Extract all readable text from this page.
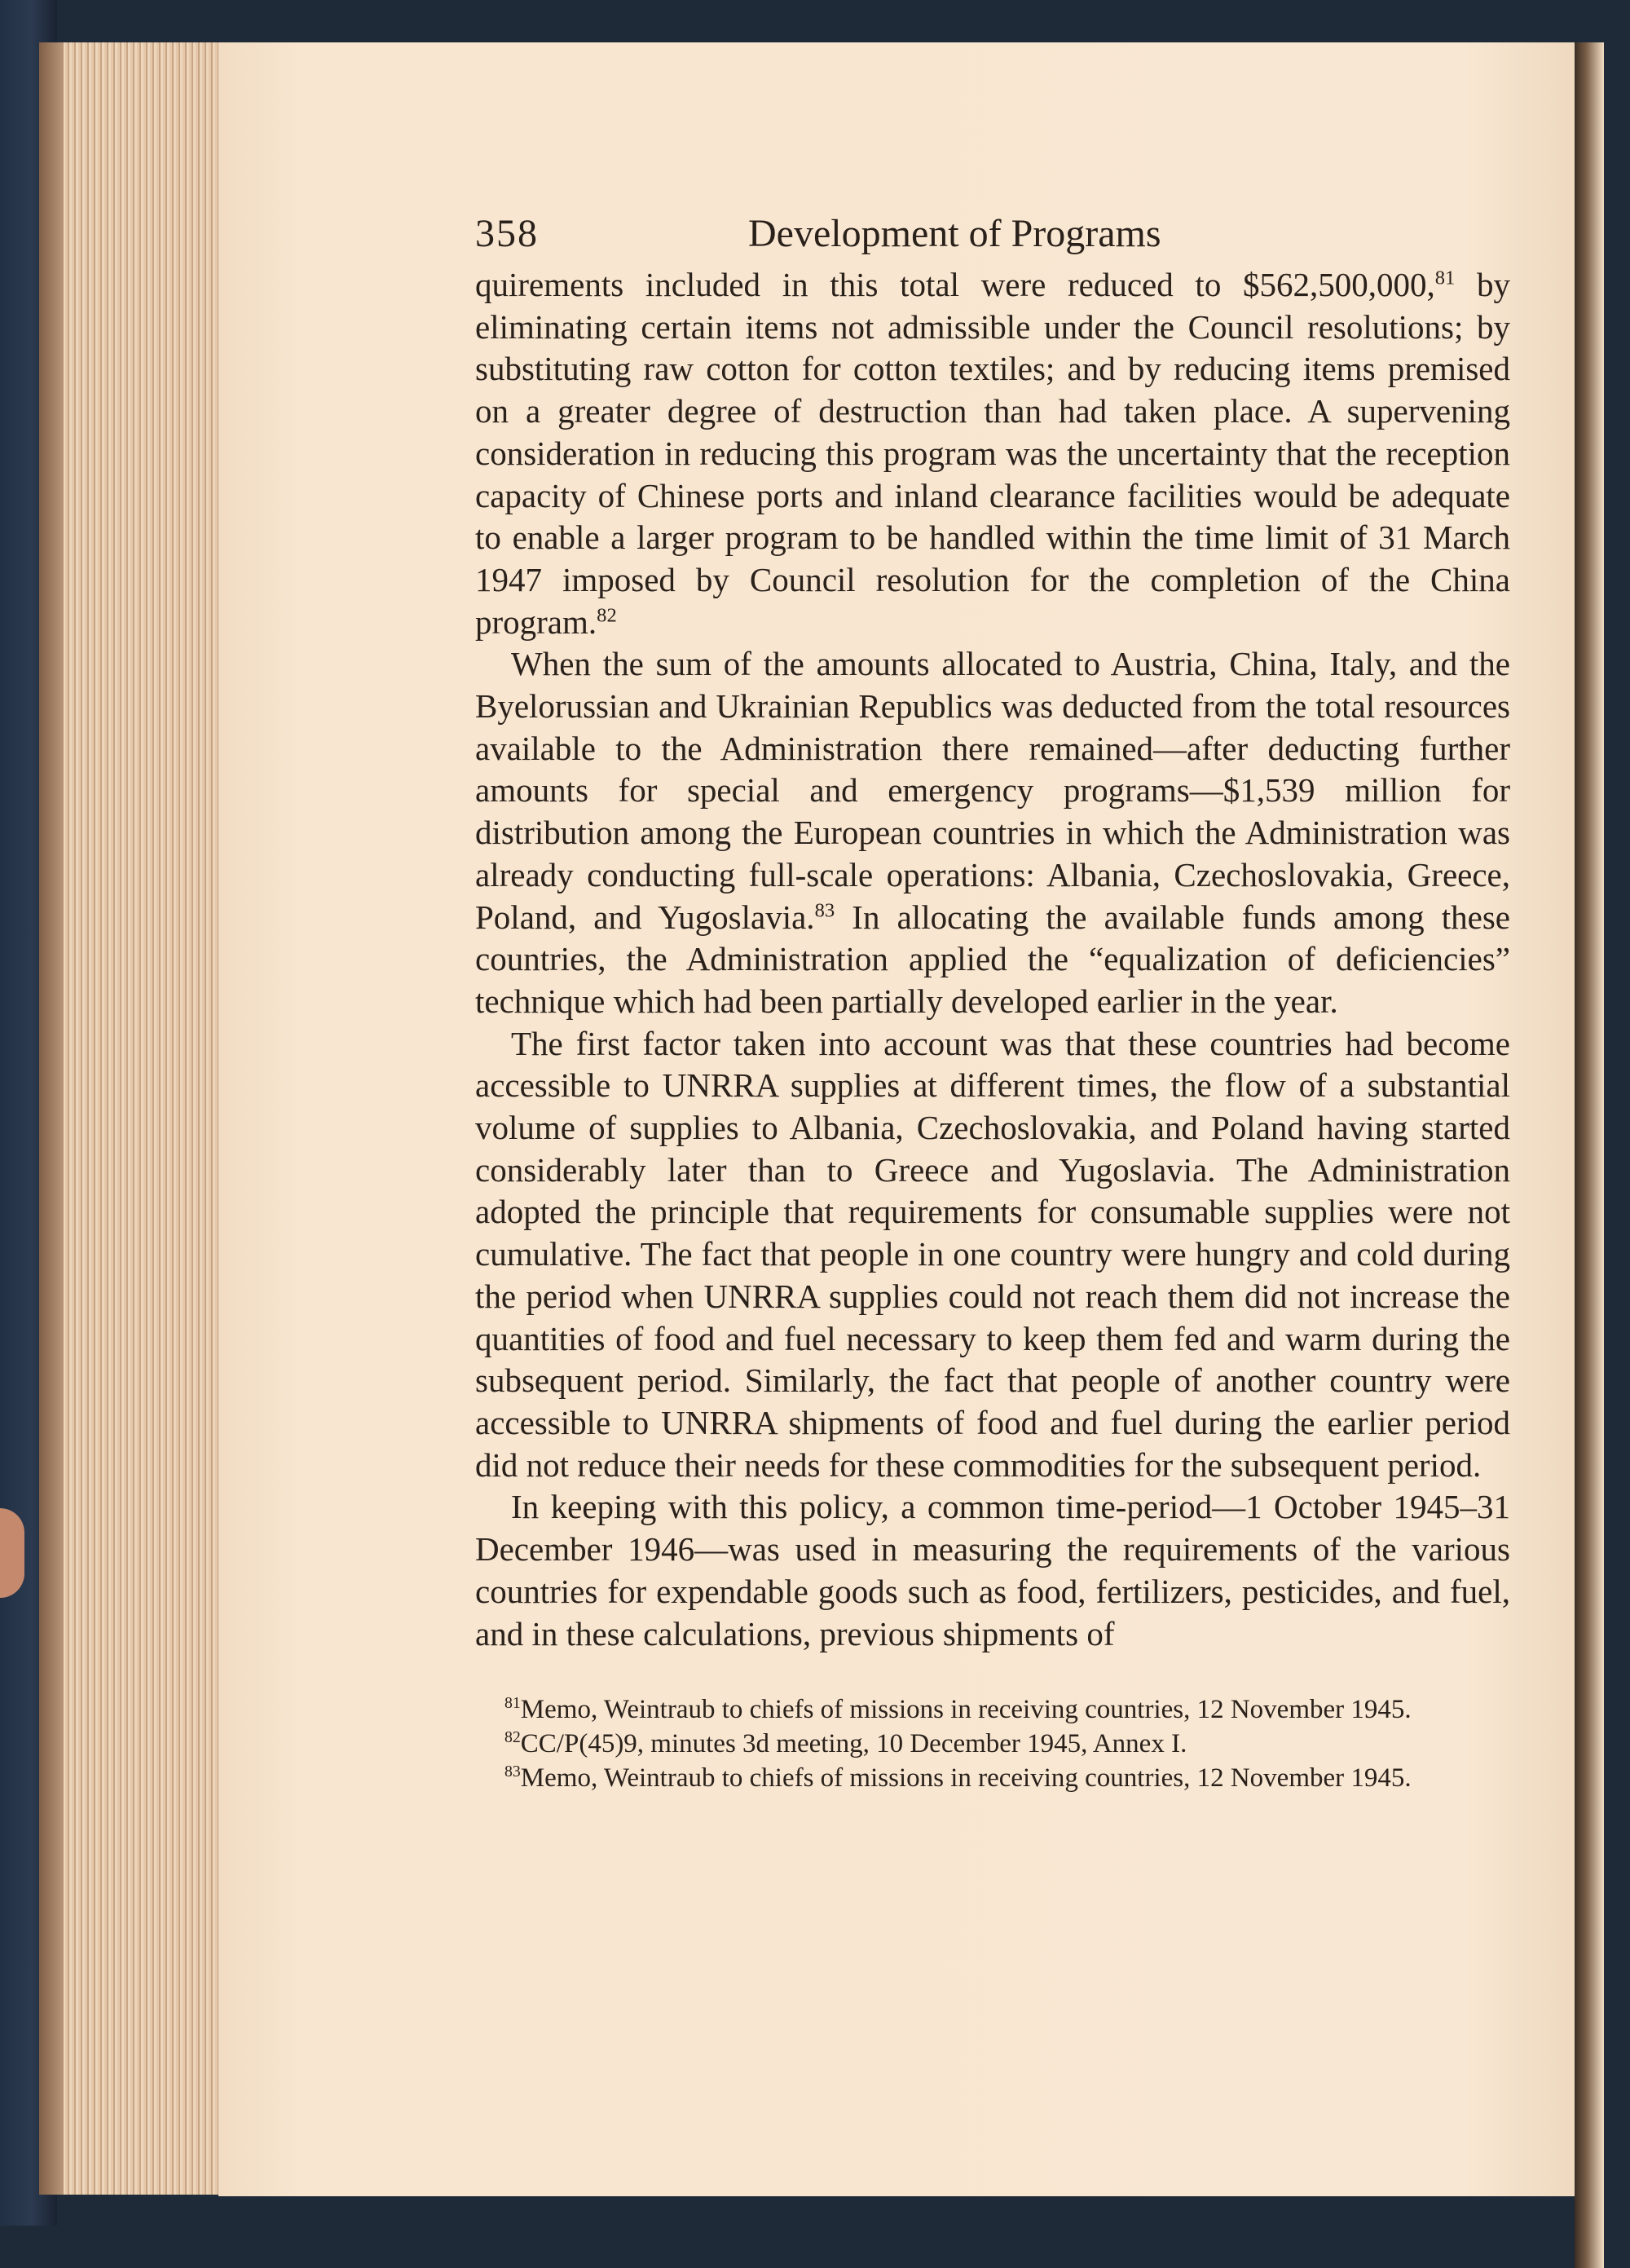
358	Development of Programs

quirements included in this total were reduced to $562,500,000,81 by eliminating certain items not admissible under the Council resolutions; by substituting raw cotton for cotton textiles; and by reducing items premised on a greater degree of destruction than had taken place. A supervening consideration in reducing this program was the uncertainty that the reception capacity of Chinese ports and inland clearance facilities would be adequate to enable a larger program to be handled within the time limit of 31 March 1947 imposed by Council resolution for the completion of the China program.$^{82}$

When the sum of the amounts allocated to Austria, China, Italy, and the Byelorussian and Ukrainian Republics was deducted from the total resources available to the Administration there remained—after deducting further amounts for special and emergency programs—$1,539 million for distribution among the European countries in which the Administration was already conducting full-scale operations: Albania, Czechoslovakia, Greece, Poland, and Yugoslavia.$^{83}$ In allocating the available funds among these countries, the Administration applied the “equalization of deficiencies” technique which had been partially developed earlier in the year.

The first factor taken into account was that these countries had become accessible to UNRRA supplies at different times, the flow of a substantial volume of supplies to Albania, Czechoslovakia, and Poland having started considerably later than to Greece and Yugoslavia. The Administration adopted the principle that requirements for consumable supplies were not cumulative. The fact that people in one country were hungry and cold during the period when UNRRA supplies could not reach them did not increase the quantities of food and fuel necessary to keep them fed and warm during the subsequent period. Similarly, the fact that people of another country were accessible to UNRRA shipments of food and fuel during the earlier period did not reduce their needs for these commodities for the subsequent period.

In keeping with this policy, a common time-period—1 October 1945–31 December 1946—was used in measuring the requirements of the various countries for expendable goods such as food, fertilizers, pesticides, and fuel, and in these calculations, previous shipments of

$^{81}$Memo, Weintraub to chiefs of missions in receiving countries, 12 November 1945.

$^{82}$CC/P(45)9, minutes 3d meeting, 10 December 1945, Annex I.

$^{83}$Memo, Weintraub to chiefs of missions in receiving countries, 12 November 1945.
